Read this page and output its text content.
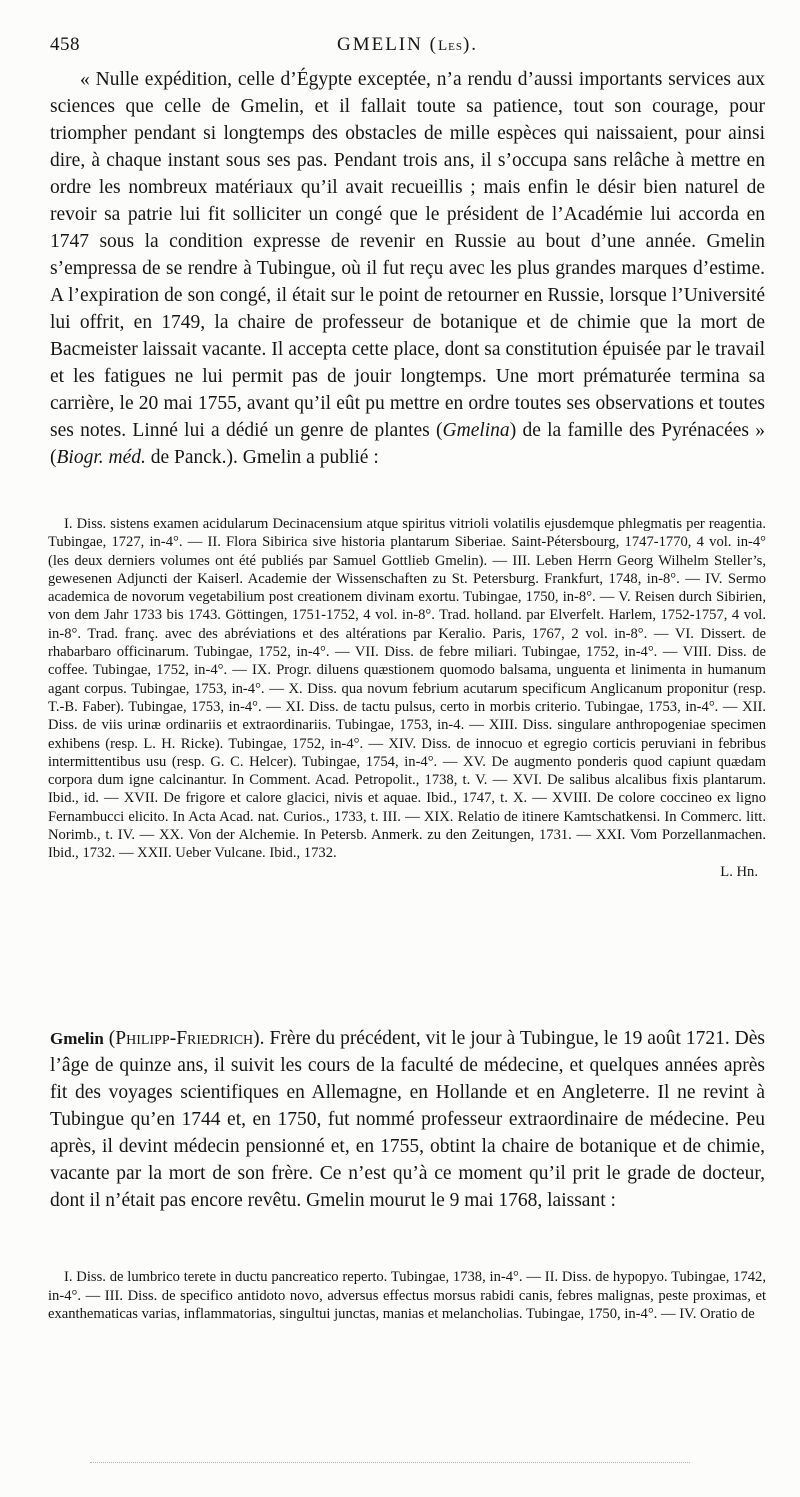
458	GMELIN (Les).

« Nulle expédition, celle d’Égypte exceptée, n’a rendu d’aussi importants services aux sciences que celle de Gmelin, et il fallait toute sa patience, tout son courage, pour triompher pendant si longtemps des obstacles de mille espèces qui naissaient, pour ainsi dire, à chaque instant sous ses pas. Pendant trois ans, il s’occupa sans relâche à mettre en ordre les nombreux matériaux qu’il avait recueillis ; mais enfin le désir bien naturel de revoir sa patrie lui fit solliciter un congé que le président de l’Académie lui accorda en 1747 sous la condition expresse de revenir en Russie au bout d’une année. Gmelin s’empressa de se rendre à Tubingue, où il fut reçu avec les plus grandes marques d’estime. A l’expiration de son congé, il était sur le point de retourner en Russie, lorsque l’Université lui offrit, en 1749, la chaire de professeur de botanique et de chimie que la mort de Bacmeister laissait vacante. Il accepta cette place, dont sa constitution épuisée par le travail et les fatigues ne lui permit pas de jouir longtemps. Une mort prématurée termina sa carrière, le 20 mai 1755, avant qu’il eût pu mettre en ordre toutes ses observations et toutes ses notes. Linné lui a dédié un genre de plantes (Gmelina) de la famille des Pyrénacées » (Biogr. méd. de Panck.). Gmelin a publié :

I. Diss. sistens examen acidularum Decinacensium atque spiritus vitrioli volatilis ejusdemque phlegmatis per reagentia. Tubingae, 1727, in-4°. — II. Flora Sibirica sive historia plantarum Siberiae. Saint-Pétersbourg, 1747-1770, 4 vol. in-4° (les deux derniers volumes ont été publiés par Samuel Gottlieb Gmelin). — III. Leben Herrn Georg Wilhelm Steller’s, gewesenen Adjuncti der Kaiserl. Academie der Wissenschaften zu St. Petersburg. Frankfurt, 1748, in-8°. — IV. Sermo academica de novorum vegetabilium post creationem divinam exortu. Tubingae, 1750, in-8°. — V. Reisen durch Sibirien, von dem Jahr 1733 bis 1743. Göttingen, 1751-1752, 4 vol. in-8°. Trad. holland. par Elverfelt. Harlem, 1752-1757, 4 vol. in-8°. Trad. franç. avec des abréviations et des altérations par Keralio. Paris, 1767, 2 vol. in-8°. — VI. Dissert. de rhabarbaro officinarum. Tubingae, 1752, in-4°. — VII. Diss. de febre miliari. Tubingae, 1752, in-4°. — VIII. Diss. de coffee. Tubingae, 1752, in-4°. — IX. Progr. diluens quæstionem quomodo balsama, unguenta et linimenta in humanum agant corpus. Tubingae, 1753, in-4°. — X. Diss. qua novum febrium acutarum specificum Anglicanum proponitur (resp. T.-B. Faber). Tubingae, 1753, in-4°. — XI. Diss. de tactu pulsus, certo in morbis criterio. Tubingae, 1753, in-4°. — XII. Diss. de viis urinæ ordinariis et extraordinariis. Tubingae, 1753, in-4. — XIII. Diss. singulare anthropogeniae specimen exhibens (resp. L. H. Ricke). Tubingae, 1752, in-4°. — XIV. Diss. de innocuo et egregio corticis peruviani in febribus intermittentibus usu (resp. G. C. Helcer). Tubingae, 1754, in-4°. — XV. De augmento ponderis quod capiunt quædam corpora dum igne calcinantur. In Comment. Acad. Petropolit., 1738, t. V. — XVI. De salibus alcalibus fixis plantarum. Ibid., id. — XVII. De frigore et calore glacici, nivis et aquae. Ibid., 1747, t. X. — XVIII. De colore coccineo ex ligno Fernambucci elicito. In Acta Acad. nat. Curios., 1733, t. III. — XIX. Relatio de itinere Kamtschatkensi. In Commerc. litt. Norimb., t. IV. — XX. Von der Alchemie. In Petersb. Anmerk. zu den Zeitungen, 1731. — XXI. Vom Porzellanmachen. Ibid., 1732. — XXII. Ueber Vulcane. Ibid., 1732.

L. Hn.

Gmelin (Philipp-Friedrich). Frère du précédent, vit le jour à Tubingue, le 19 août 1721. Dès l’âge de quinze ans, il suivit les cours de la faculté de médecine, et quelques années après fit des voyages scientifiques en Allemagne, en Hollande et en Angleterre. Il ne revint à Tubingue qu’en 1744 et, en 1750, fut nommé professeur extraordinaire de médecine. Peu après, il devint médecin pensionné et, en 1755, obtint la chaire de botanique et de chimie, vacante par la mort de son frère. Ce n’est qu’à ce moment qu’il prit le grade de docteur, dont il n’était pas encore revêtu. Gmelin mourut le 9 mai 1768, laissant :

I. Diss. de lumbrico terete in ductu pancreatico reperto. Tubingae, 1738, in-4°. — II. Diss. de hypopyo. Tubingae, 1742, in-4°. — III. Diss. de specifico antidoto novo, adversus effectus morsus rabidi canis, febres malignas, peste proximas, et exanthematicas varias, inflammatorias, singultui junctas, manias et melancholias. Tubingae, 1750, in-4°. — IV. Oratio de
